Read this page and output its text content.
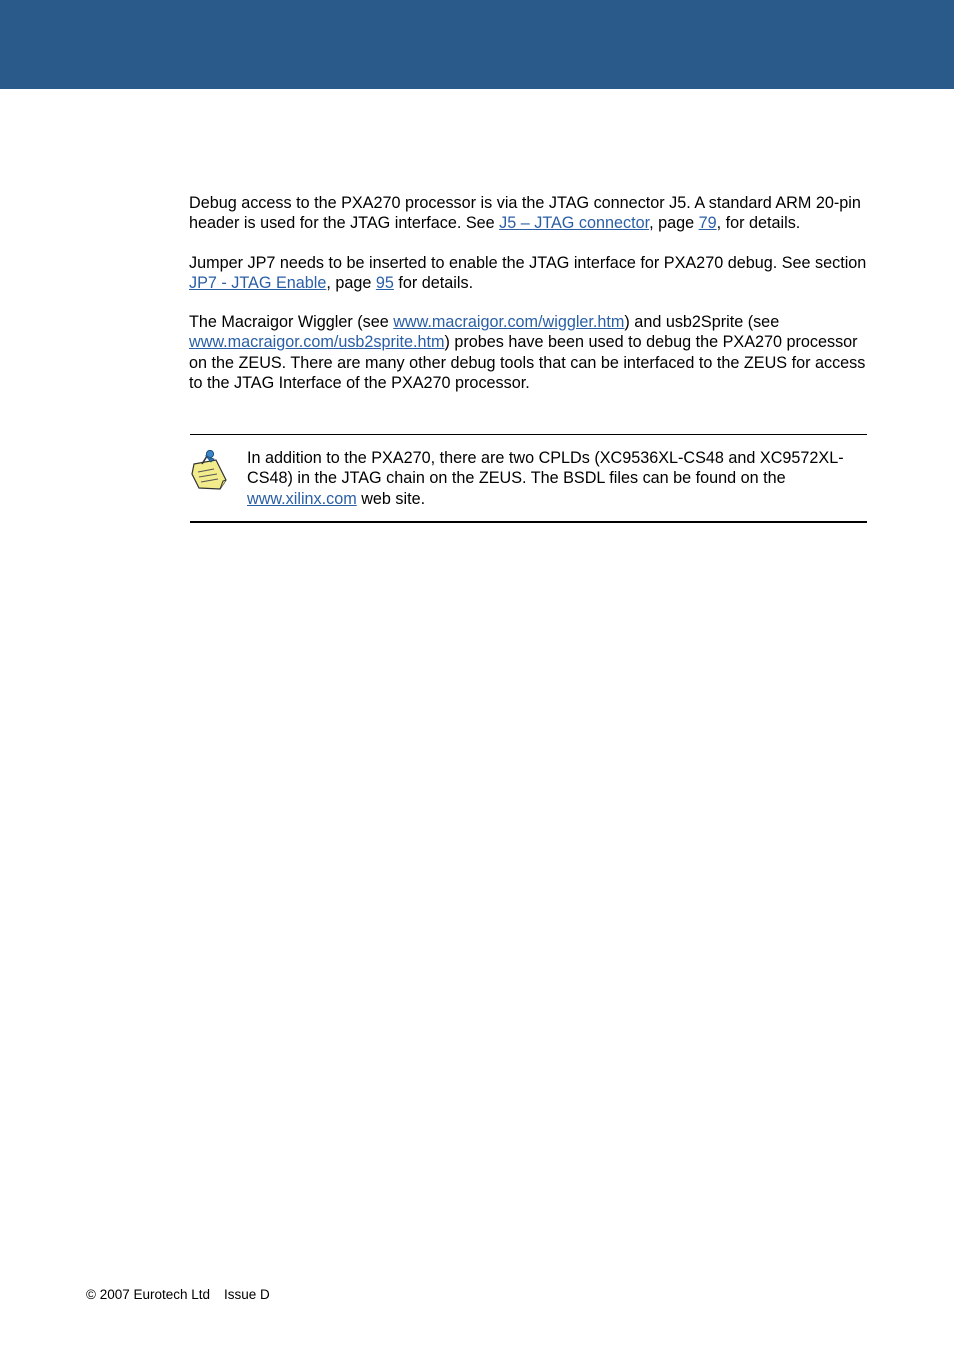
Debug access to the PXA270 processor is via the JTAG connector J5. A standard ARM 20-pin header is used for the JTAG interface. See J5 – JTAG connector, page 79, for details.

Jumper JP7 needs to be inserted to enable the JTAG interface for PXA270 debug. See section JP7 - JTAG Enable, page 95 for details.

The Macraigor Wiggler (see www.macraigor.com/wiggler.htm) and usb2Sprite (see www.macraigor.com/usb2sprite.htm) probes have been used to debug the PXA270 processor on the ZEUS. There are many other debug tools that can be interfaced to the ZEUS for access to the JTAG Interface of the PXA270 processor.

In addition to the PXA270, there are two CPLDs (XC9536XL-CS48 and XC9572XL-CS48) in the JTAG chain on the ZEUS. The BSDL files can be found on the www.xilinx.com web site.
© 2007 Eurotech Ltd Issue D
